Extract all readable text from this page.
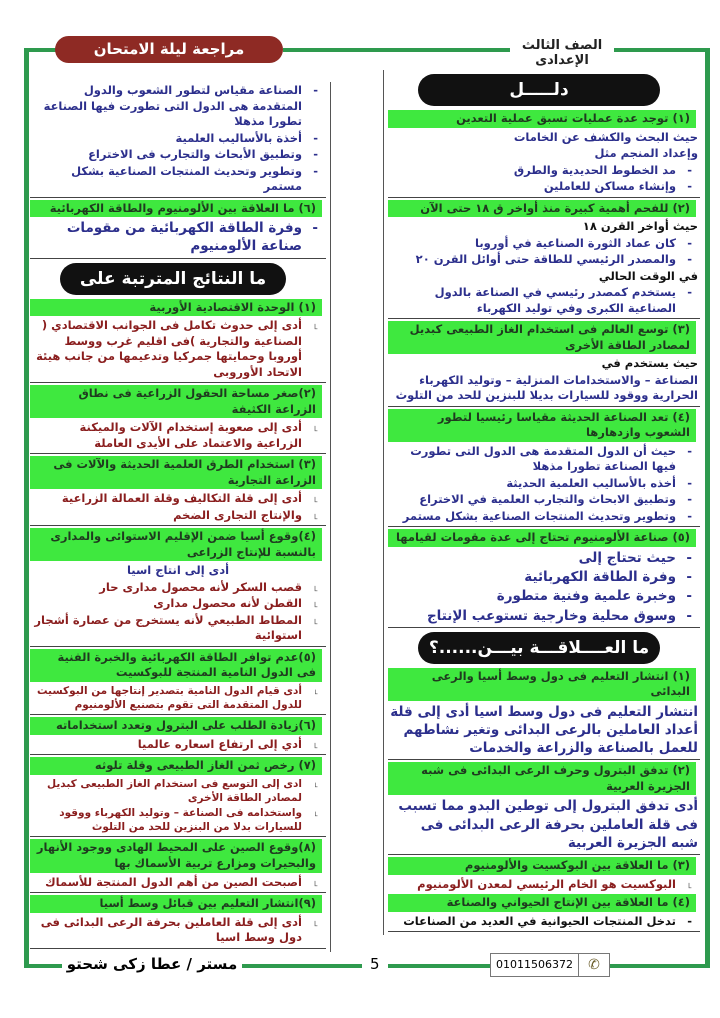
الصف الثالث الإعدادى
مراجعة ليلة الامتحان
دلـــــل
(١) توجد عدة عمليات تسبق عملية التعدين
حيث البحث والكشف عن الخامات
وإعداد المنجم مثل
- مد الخطوط الحديدية والطرق
- وإنشاء مساكن للعاملين
(٢) للفحم أهمية كبيرة منذ أواخر ق ١٨ حتى الآن
حيث أواخر القرن ١٨
- كان عماد الثورة الصناعية في أوروبا
- والمصدر الرئيسي للطاقة حتى أوائل القرن ٢٠
في الوقت الحالي
- يستخدم كمصدر رئيسي في الصناعة بالدول الصناعية الكبرى وفي توليد الكهرباء
(٣) توسع العالم فى استخدام الغاز الطبيعى كبديل لمصادر الطاقة الأخرى
حيث يستخدم في
الصناعة – والاستخدامات المنزلية – وتوليد الكهرباء الحرارية ووقود للسيارات بديلا للبنزين للحد من التلوث
(٤) تعد الصناعة الحديثة مقياسا رئيسيا لتطور الشعوب وازدهارها
- حيث أن الدول المتقدمة هى الدول التى تطورت فيها الصناعة تطورا مذهلا
- أخذه بالأساليب العلمية الحديثة
- وتطبيق الابحاث والتجارب العلمية في الاختراع
- وتطوير وتحديث المنتجات الصناعية بشكل مستمر
(٥) صناعة الألومنيوم تحتاج إلى عدة مقومات لقيامها
- حيث تحتاج إلى
- وفرة الطاقة الكهربائية
- وخبرة علمية وفنية متطورة
- وسوق محلية وخارجية تستوعب الإنتاج
ما العــــلاقـــة بيـــن......؟
(١) انتشار التعليم فى دول وسط أسيا والرعى البدائى
انتشار التعليم فى دول وسط اسيا أدى إلى قلة أعداد العاملين بالرعى البدائى وتغير نشاطهم للعمل بالصناعة والزراعة والخدمات
(٢) تدفق البترول وحرف الرعى البدائى فى شبه الجزيرة العربية
أدى تدفق البترول إلى توطين البدو مما تسبب فى قلة العاملين بحرفة الرعى البدائى فى شبه الجزيرة العربية
(٣) ما العلاقة بين البوكسيت والألومنيوم
˪ البوكسيت هو الخام الرئيسي لمعدن الألومنيوم
(٤) ما العلاقة بين الإنتاج الحيواني والصناعة
- تدخل المنتجات الحيوانية في العديد من الصناعات
˪
- الصناعة مقياس لتطور الشعوب والدول المتقدمة هى الدول التى تطورت فيها الصناعة تطورا مذهلا
- أخذة بالأساليب العلمية
- وتطبيق الأبحاث والتجارب فى الاختراع
- وتطوير وتحديث المنتجات الصناعية بشكل مستمر
(٦) ما العلاقة بين الألومنيوم والطاقة الكهربائية
- وفرة الطاقة الكهربائية من مقومات صناعة الألومنيوم
ما النتائج المترتبة على
(١) الوحدة الاقتصادية الأوربية
˪ أدى إلى حدوث تكامل فى الجوانب الاقتصادي ( الصناعية والتجارية )فى اقليم غرب ووسط أوروبا وحمايتها جمركيا وتدعيمها من جانب هيئة الاتحاد الأوروبى
(٢)صغر مساحة الحقول الزراعية فى نطاق الزراعة الكثيفة
˪ أدى إلى صعوبة إستخدام الآلات والميكنة الزراعية والاعتماد على الأيدى العاملة
(٣) استخدام الطرق العلمية الحديثة والآلات فى الزراعة التجارية
˪ أدى إلى قلة التكاليف وقلة العمالة الزراعية
˪ والإنتاج التجارى الضخم
(٤)وقوع أسيا ضمن الإقليم الاستوائى والمدارى بالنسبة للإنتاج الزراعى
أدى إلى انتاج اسيا
˪ قصب السكر لأنه محصول مدارى حار
˪ القطن لأنه محصول مدارى
˪ المطاط الطبيعي لأنه يستخرج من عصارة أشجار استوائية
(٥)عدم توافر الطاقة الكهربائية والخبرة الفنية فى الدول النامية المنتجة للبوكسيت
˪ أدى قيام الدول النامية بتصدير إنتاجها من البوكسيت للدول المتقدمة التى تقوم بتصنيع الألومنيوم
(٦)زيادة الطلب على البترول وتعدد استخداماته
˪ أدي إلى ارتفاع اسعاره عالميا
(٧) رخص ثمن الغاز الطبيعى وقلة تلوثه
˪ ادى إلى التوسع فى استخدام الغاز الطبيعى كبديل لمصادر الطاقة الأخرى
˪ واستخدامه فى الصناعة – وتوليد الكهرباء ووقود للسيارات بدلا من البنزين للحد من التلوث
(٨)وقوع الصين على المحيط الهادى ووجود الأنهار والبحيرات ومزارع تربية الأسماك بها
˪ أصبحت الصين من أهم الدول المنتجة للأسماك
(٩)انتشار التعليم بين قبائل وسط أسيا
˪ أدى إلى قلة العاملين بحرفة الرعى البدائى فى دول وسط اسيا
01011506372	✆
5
مستر / عطا زكى شحتو
